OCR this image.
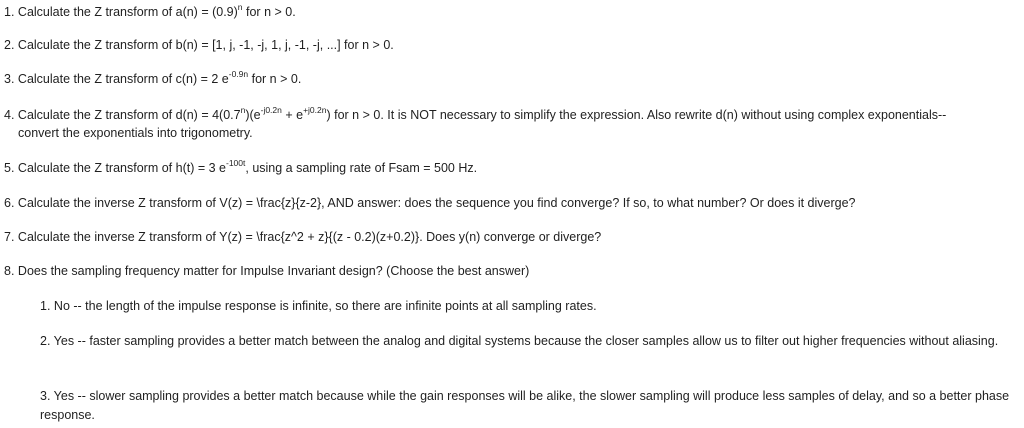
1. Calculate the Z transform of $a(n) = (0.9)^n$ for n > 0.
2. Calculate the Z transform of b(n) = [1, j, -1, -j, 1, j, -1, -j, ...] for n > 0.
3. Calculate the Z transform of c(n) = 2 $e^{-0.9n}$ for n > 0.
4. Calculate the Z transform of $d(n) = 4(0.7^n)(e^{-j0.2n} + e^{+j0.2n})$ for n > 0. It is NOT necessary to simplify the expression. Also rewrite d(n) without using complex exponentials--
convert the exponentials into trigonometry.
5. Calculate the Z transform of h(t) = 3 $e^{-100t}$, using a sampling rate of Fsam = 500 Hz.
6. Calculate the inverse Z transform of V(z) = \frac{z}{z-2}, AND answer: does the sequence you find converge? If so, to what number? Or does it diverge?
7. Calculate the inverse Z transform of Y(z) = \frac{z^2 + z}{(z - 0.2)(z+0.2)}. Does y(n) converge or diverge?
8. Does the sampling frequency matter for Impulse Invariant design? (Choose the best answer)
1. No -- the length of the impulse response is infinite, so there are infinite points at all sampling rates.
2. Yes -- faster sampling provides a better match between the analog and digital systems because the closer samples allow us to filter out higher frequencies without aliasing.
3. Yes -- slower sampling provides a better match because while the gain responses will be alike, the slower sampling will produce less samples of delay, and so a better phase response.
